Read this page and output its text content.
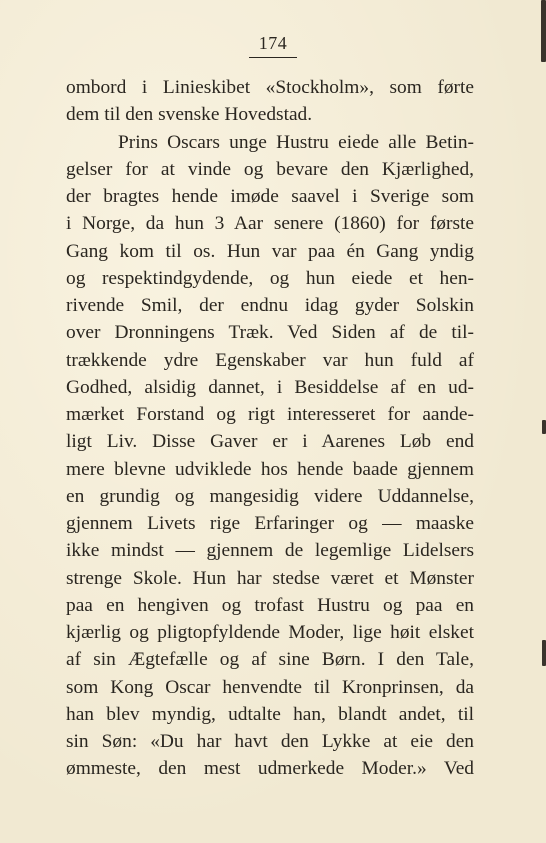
174
ombord i Linieskibet «Stockholm», som førte
dem til den svenske Hovedstad.
Prins Oscars unge Hustru eiede alle Betin-
gelser for at vinde og bevare den Kjærlighed,
der bragtes hende imøde saavel i Sverige som
i Norge, da hun 3 Aar senere (1860) for første
Gang kom til os. Hun var paa én Gang yndig
og respektindgydende, og hun eiede et hen-
rivende Smil, der endnu idag gyder Solskin
over Dronningens Træk. Ved Siden af de til-
trækkende ydre Egenskaber var hun fuld af
Godhed, alsidig dannet, i Besiddelse af en ud-
mærket Forstand og rigt interesseret for aande-
ligt Liv. Disse Gaver er i Aarenes Løb end
mere blevne udviklede hos hende baade gjennem
en grundig og mangesidig videre Uddannelse,
gjennem Livets rige Erfaringer og — maaske
ikke mindst — gjennem de legemlige Lidelsers
strenge Skole. Hun har stedse været et Mønster
paa en hengiven og trofast Hustru og paa en
kjærlig og pligtopfyldende Moder, lige høit elsket
af sin Ægtefælle og af sine Børn. I den Tale,
som Kong Oscar henvendte til Kronprinsen, da
han blev myndig, udtalte han, blandt andet, til
sin Søn: «Du har havt den Lykke at eie den
ømmeste, den mest udmerkede Moder.» Ved
